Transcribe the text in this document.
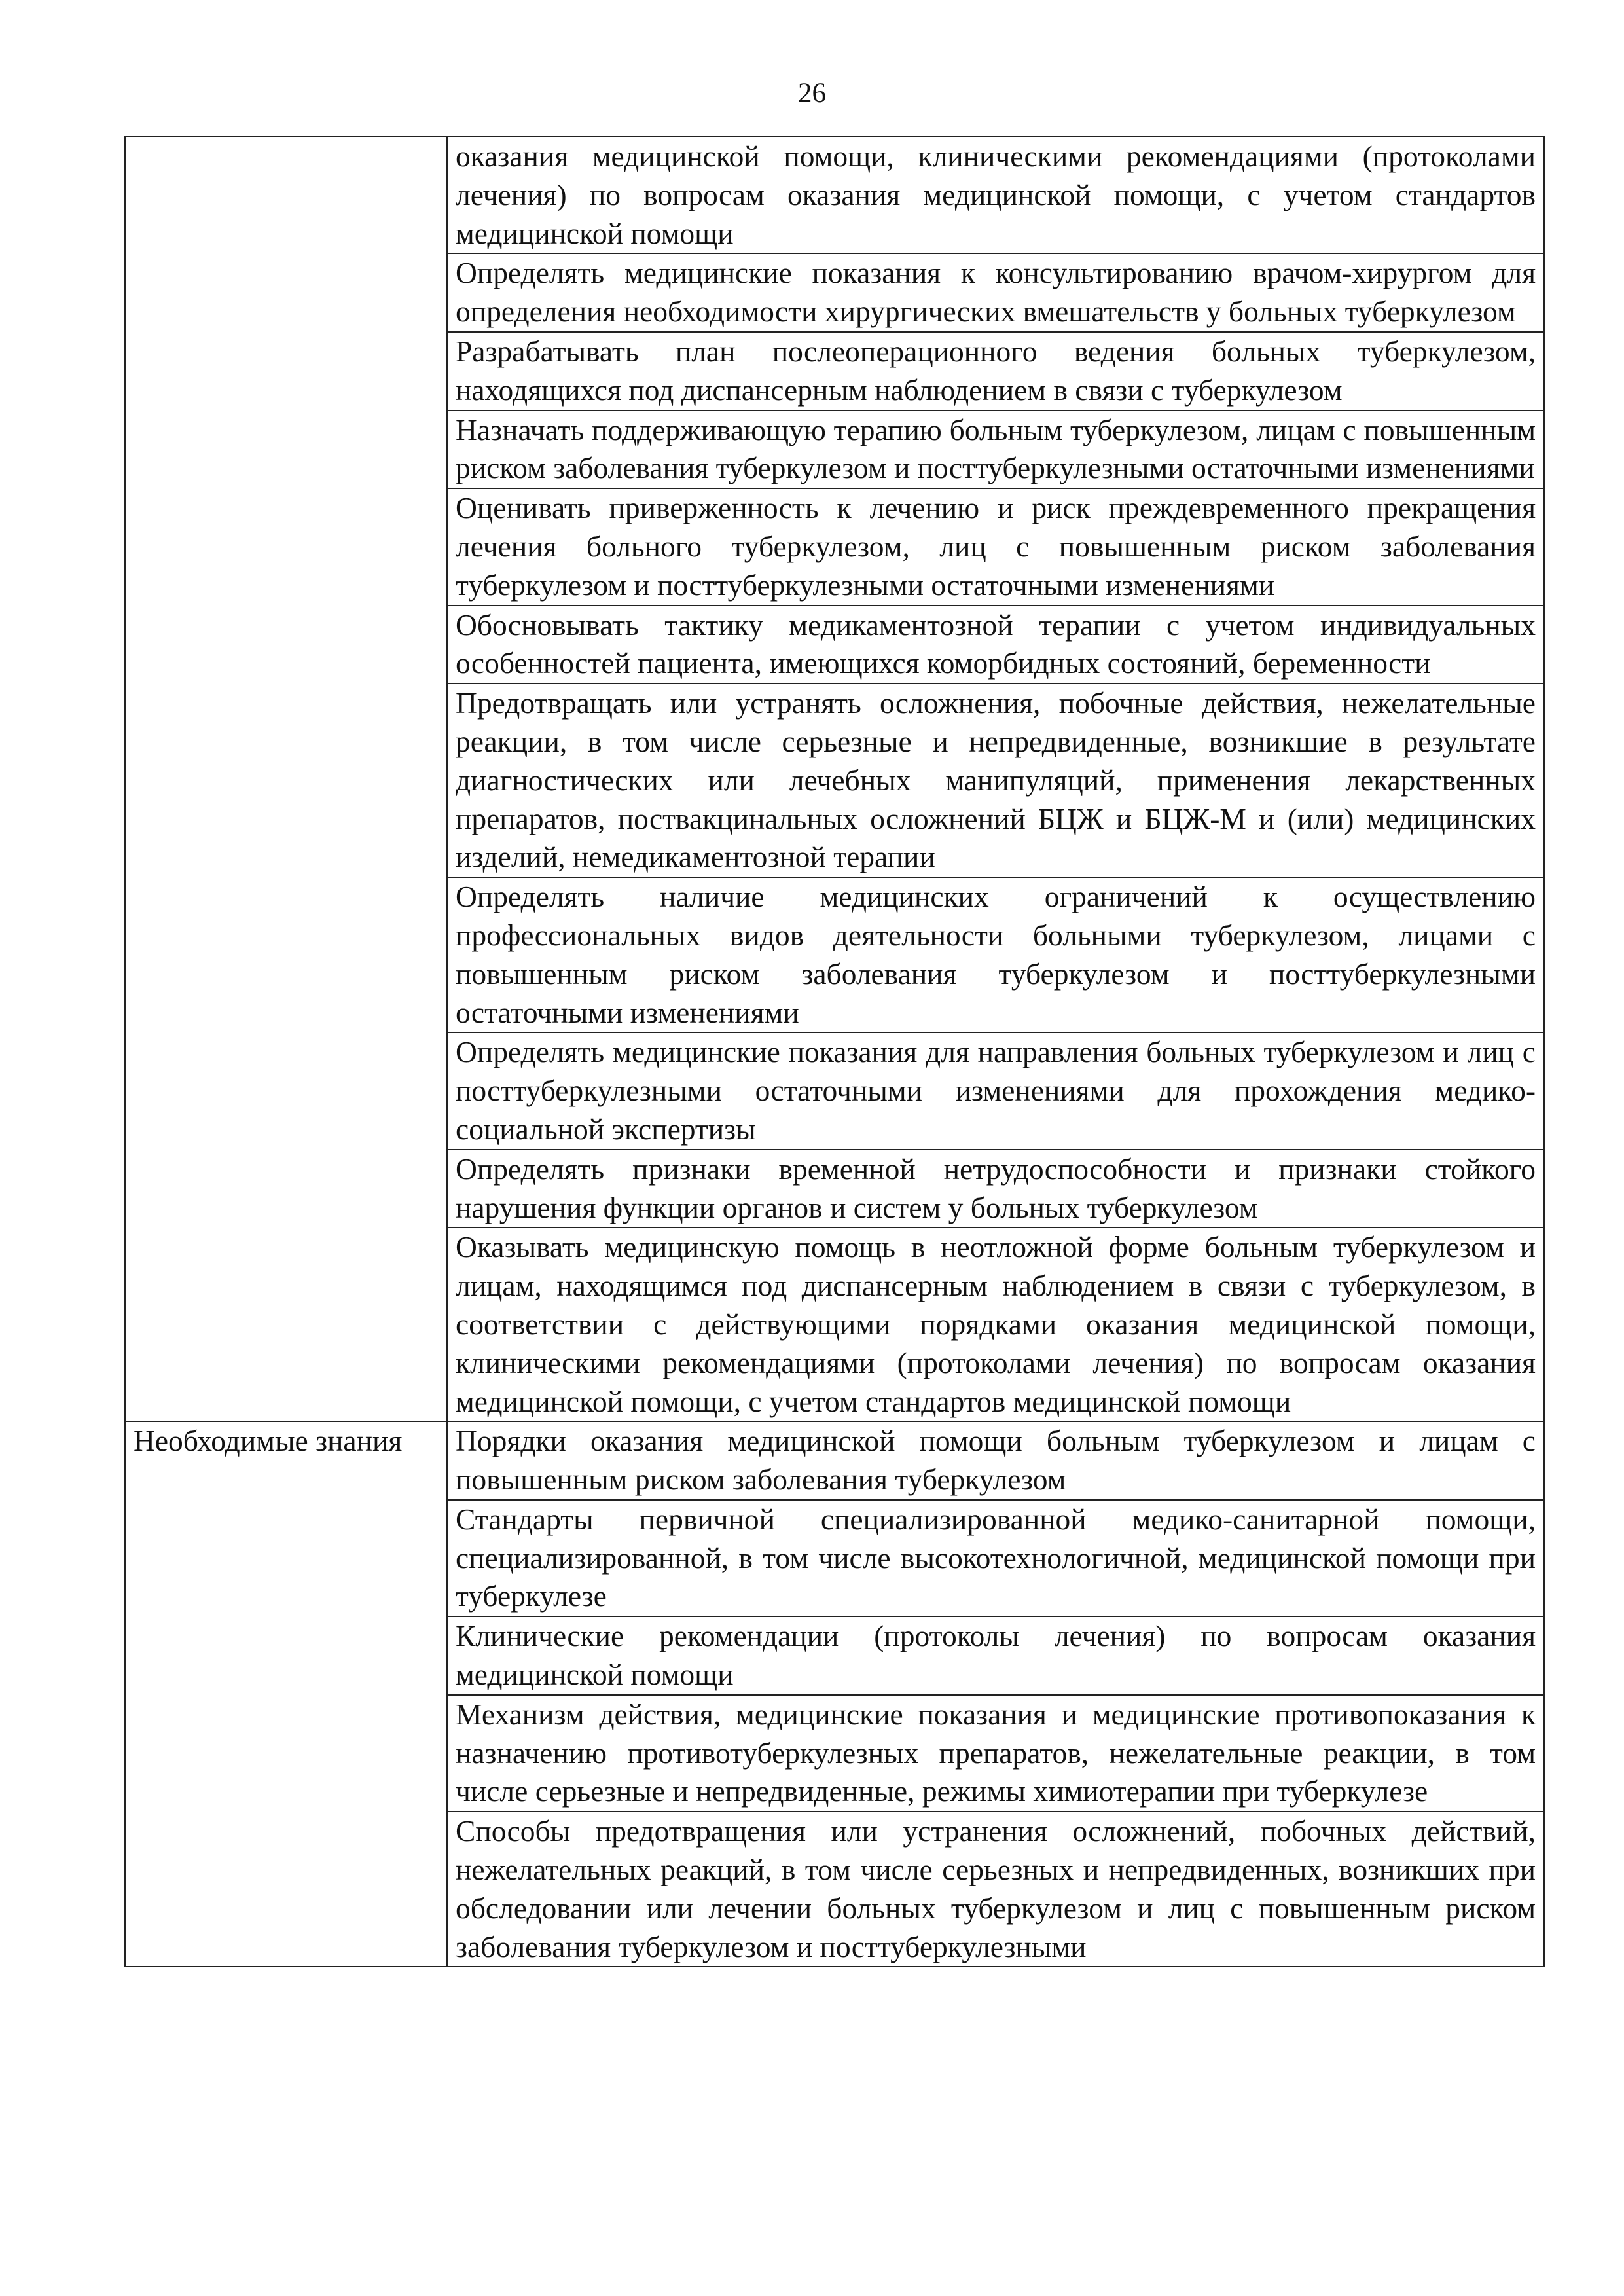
26
	оказания медицинской помощи, клиническими рекомендациями (протоколами лечения) по вопросам оказания медицинской помощи, с учетом стандартов медицинской помощи
	Определять медицинские показания к консультированию врачом-хирургом для определения необходимости хирургических вмешательств у больных туберкулезом
	Разрабатывать план послеоперационного ведения больных туберкулезом, находящихся под диспансерным наблюдением в связи с туберкулезом
	Назначать поддерживающую терапию больным туберкулезом, лицам с повышенным риском заболевания туберкулезом и посттуберкулезными остаточными изменениями
	Оценивать приверженность к лечению и риск преждевременного прекращения лечения больного туберкулезом, лиц с повышенным риском заболевания туберкулезом и посттуберкулезными остаточными изменениями
	Обосновывать тактику медикаментозной терапии с учетом индивидуальных особенностей пациента, имеющихся коморбидных состояний, беременности
	Предотвращать или устранять осложнения, побочные действия, нежелательные реакции, в том числе серьезные и непредвиденные, возникшие в результате диагностических или лечебных манипуляций, применения лекарственных препаратов, поствакцинальных осложнений БЦЖ и БЦЖ-М и (или) медицинских изделий, немедикаментозной терапии
	Определять наличие медицинских ограничений к осуществлению профессиональных видов деятельности больными туберкулезом, лицами с повышенным риском заболевания туберкулезом и посттуберкулезными остаточными изменениями
	Определять медицинские показания для направления больных туберкулезом и лиц с посттуберкулезными остаточными изменениями для прохождения медико-социальной экспертизы
	Определять признаки временной нетрудоспособности и признаки стойкого нарушения функции органов и систем у больных туберкулезом
	Оказывать медицинскую помощь в неотложной форме больным туберкулезом и лицам, находящимся под диспансерным наблюдением в связи с туберкулезом, в соответствии с действующими порядками оказания медицинской помощи, клиническими рекомендациями (протоколами лечения) по вопросам оказания медицинской помощи, с учетом стандартов медицинской помощи
Необходимые знания	Порядки оказания медицинской помощи больным туберкулезом и лицам с повышенным риском заболевания туберкулезом
	Стандарты первичной специализированной медико-санитарной помощи, специализированной, в том числе высокотехнологичной, медицинской помощи при туберкулезе
	Клинические рекомендации (протоколы лечения) по вопросам оказания медицинской помощи
	Механизм действия, медицинские показания и медицинские противопоказания к назначению противотуберкулезных препаратов, нежелательные реакции, в том числе серьезные и непредвиденные, режимы химиотерапии при туберкулезе
	Способы предотвращения или устранения осложнений, побочных действий, нежелательных реакций, в том числе серьезных и непредвиденных, возникших при обследовании или лечении больных туберкулезом и лиц с повышенным риском заболевания туберкулезом и посттуберкулезными
